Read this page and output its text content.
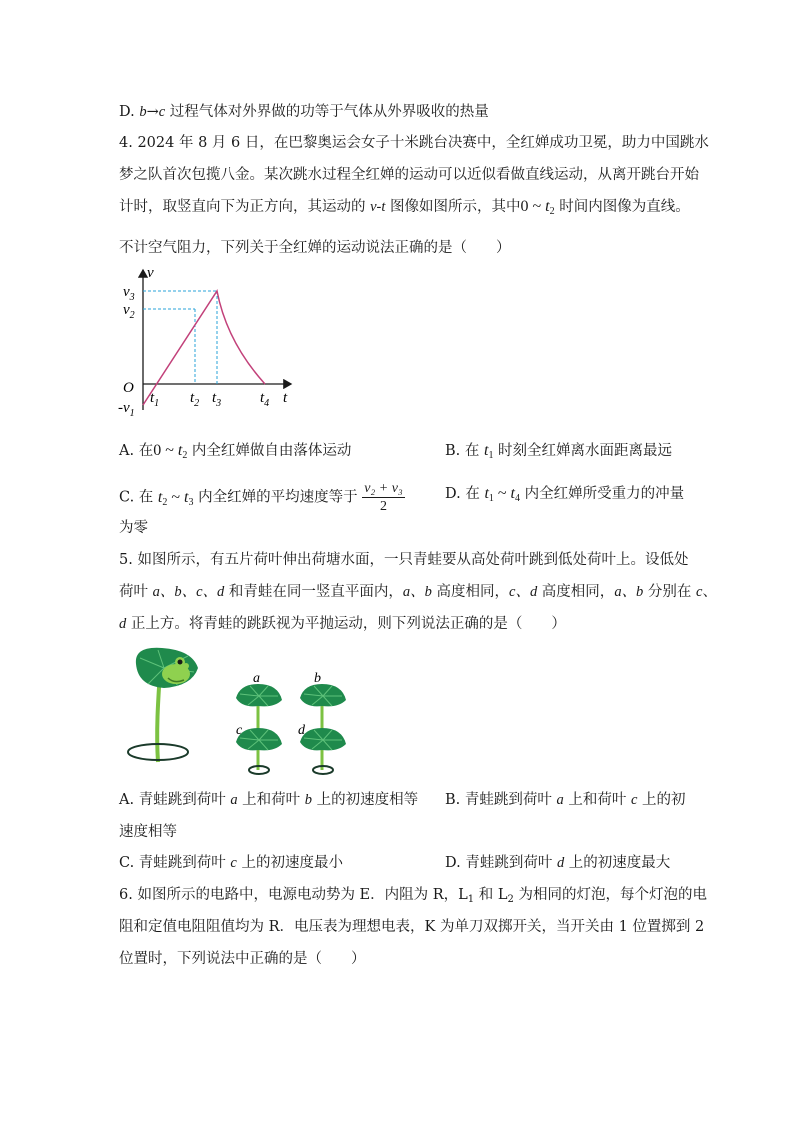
D. b→c 过程气体对外界做的功等于气体从外界吸收的热量
4. 2024 年 8 月 6 日，在巴黎奥运会女子十米跳台决赛中，全红婵成功卫冕，助力中国跳水
梦之队首次包揽八金。某次跳水过程全红婵的运动可以近似看做直线运动，从离开跳台开始
计时，取竖直向下为正方向，其运动的 v-t 图像如图所示，其中0 ~ $t_2$ 时间内图像为直线。
不计空气阻力，下列关于全红婵的运动说法正确的是（　　）
v
t
O
$v_3$
$v_2$
$-v_1$
$t_1$ $t_2$ $t_3$	$t_4$
A. 在0 ~ $t_2$ 内全红婵做自由落体运动	B. 在 $t_1$ 时刻全红婵离水面距离最远
C. 在 $t_2$ ~ $t_3$ 内全红婵的平均速度等于 $\frac{\text{v₂ + v₃}}{2}$	D. 在 $t_1$ ~ $t_4$ 内全红婵所受重力的冲量
为零
5. 如图所示，有五片荷叶伸出荷塘水面，一只青蛙要从高处荷叶跳到低处荷叶上。设低处
荷叶 a、b、c、d 和青蛙在同一竖直平面内，a、b 高度相同，c、d 高度相同，a、b 分别在 c、
d 正上方。将青蛙的跳跃视为平抛运动，则下列说法正确的是（　　）
a
c
b
d
A. 青蛙跳到荷叶 a 上和荷叶 b 上的初速度相等 B. 青蛙跳到荷叶 a 上和荷叶 c 上的初
速度相等
C. 青蛙跳到荷叶 c 上的初速度最小	D. 青蛙跳到荷叶 d 上的初速度最大
6. 如图所示的电路中，电源电动势为 E．内阻为 R，$L_1$ 和 $L_2$ 为相同的灯泡，每个灯泡的电
阻和定值电阻阻值均为 R．电压表为理想电表，K 为单刀双掷开关，当开关由 1 位置掷到 2
位置时，下列说法中正确的是（　　）
